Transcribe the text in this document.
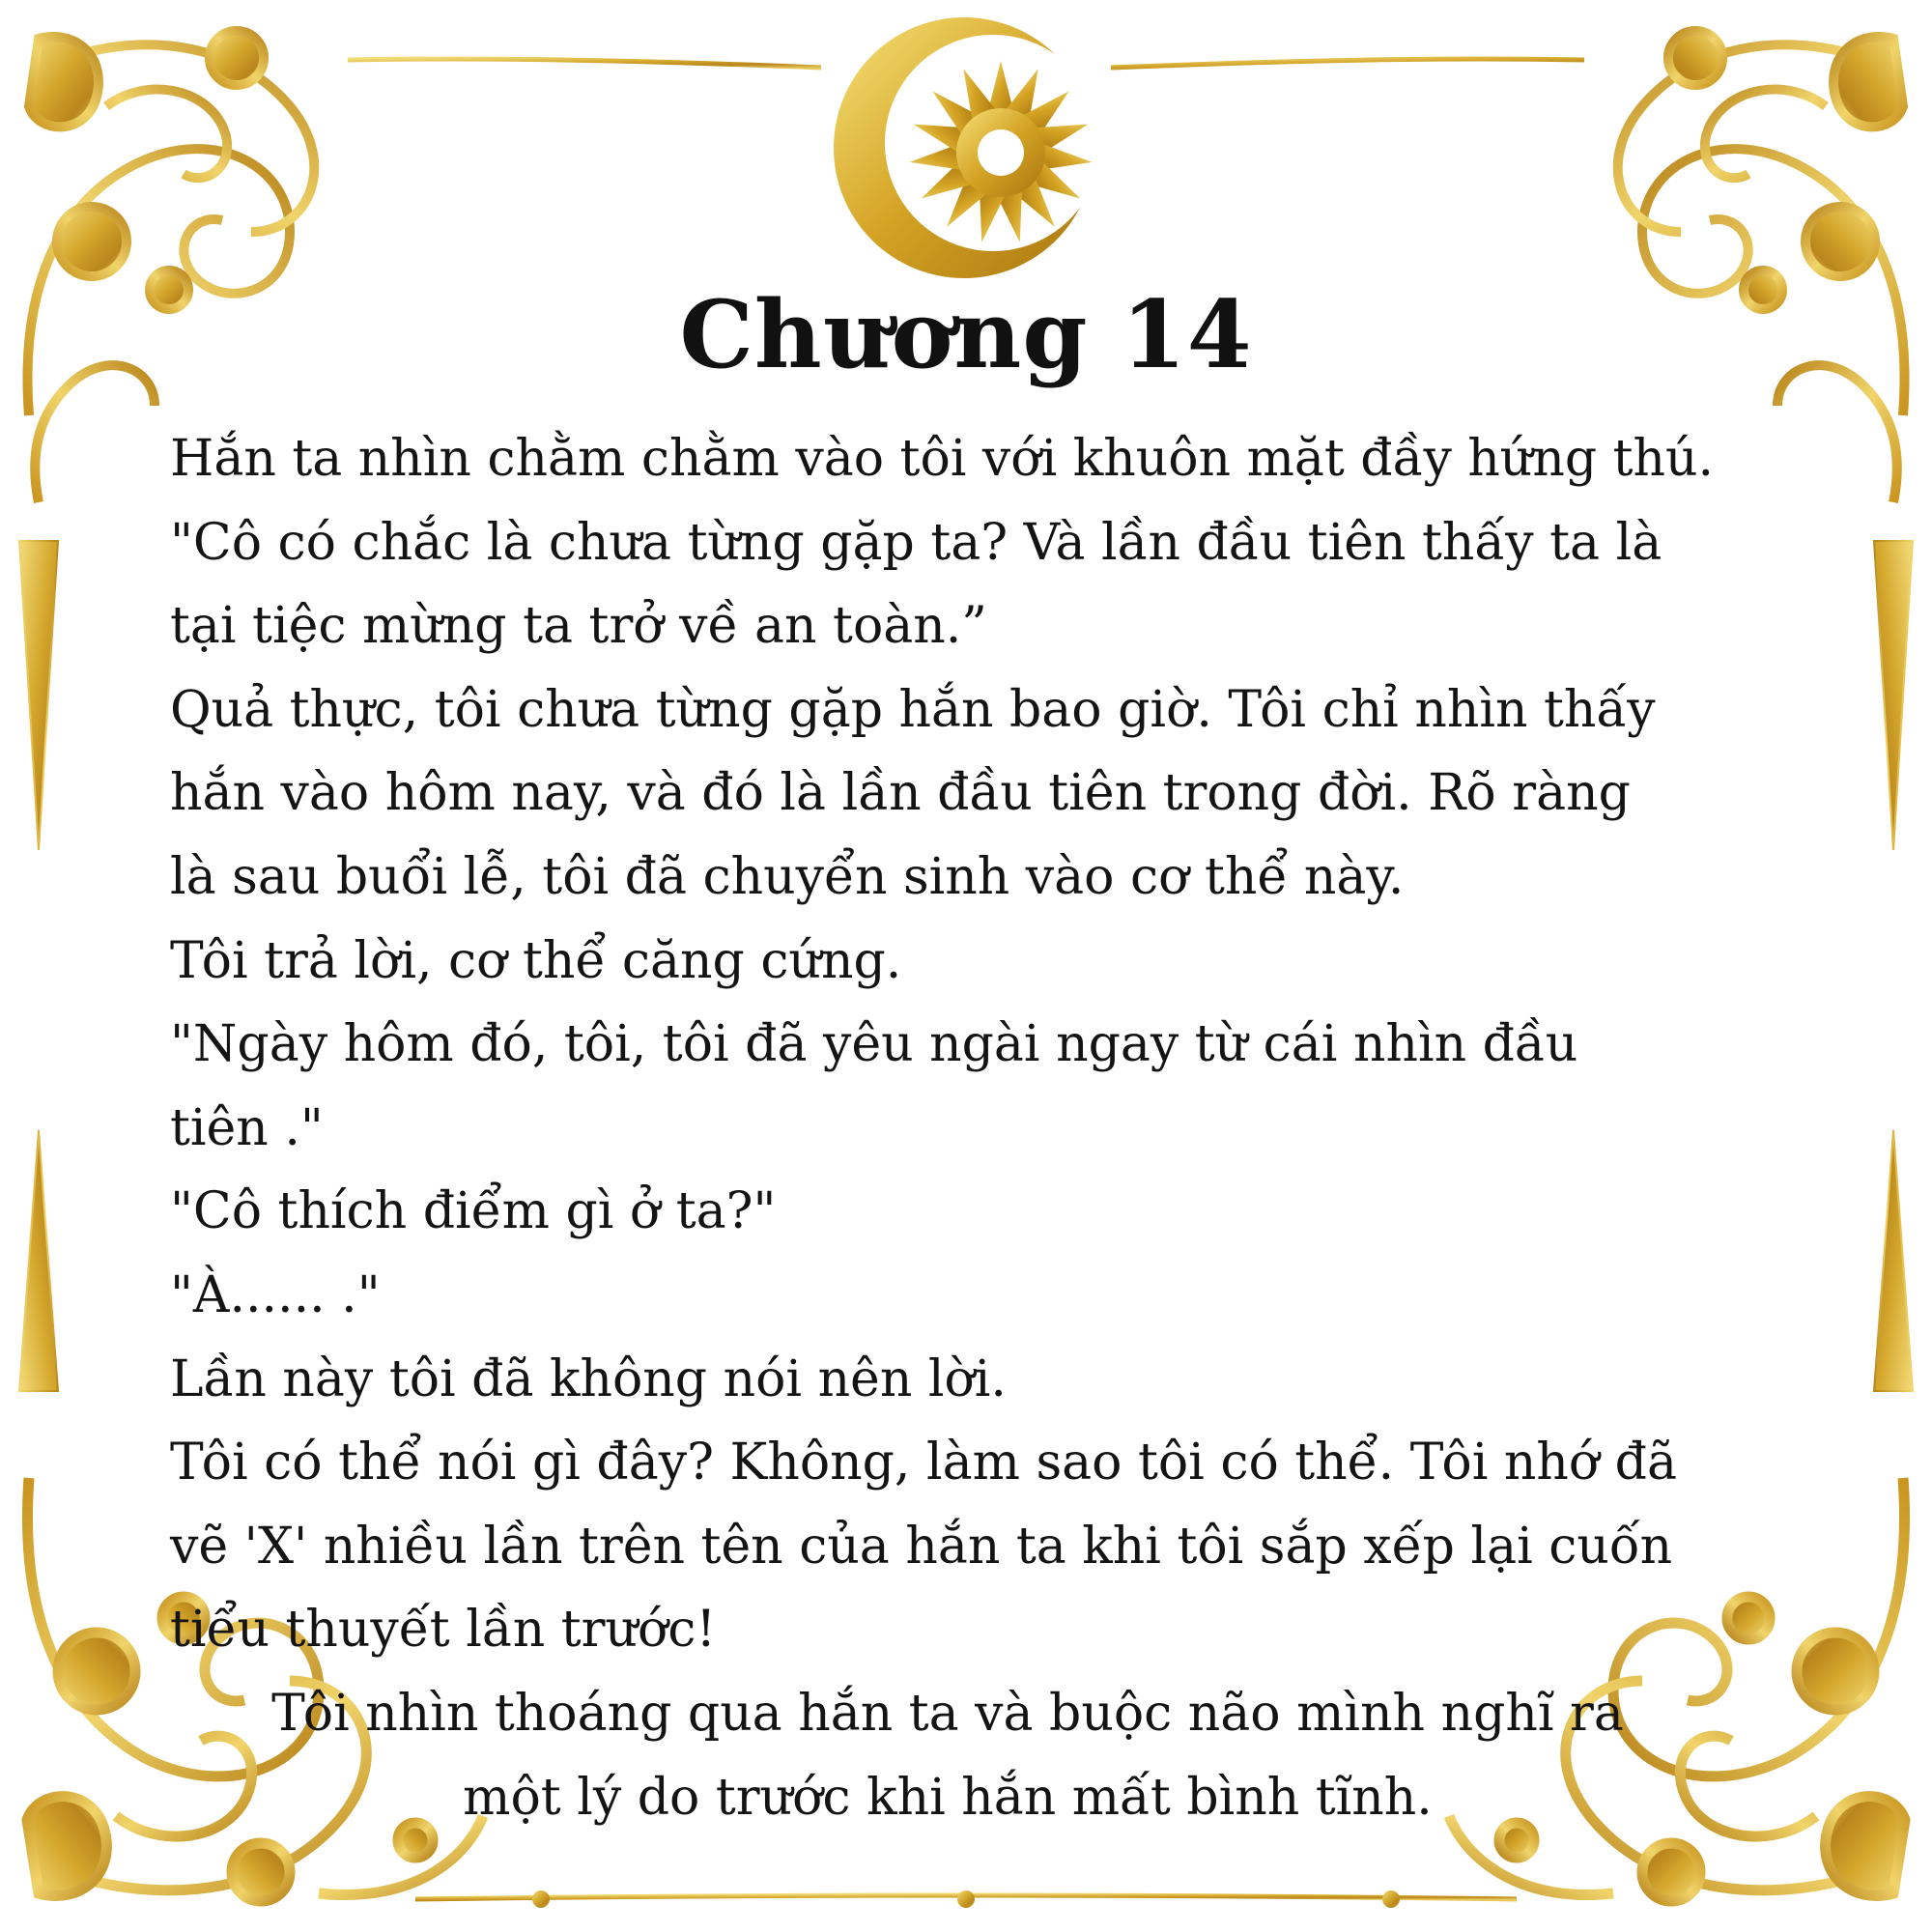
Chương 14
Hắn ta nhìn chằm chằm vào tôi với khuôn mặt đầy hứng thú.
"Cô có chắc là chưa từng gặp ta? Và lần đầu tiên thấy ta là
tại tiệc mừng ta trở về an toàn.”
Quả thực, tôi chưa từng gặp hắn bao giờ. Tôi chỉ nhìn thấy
hắn vào hôm nay, và đó là lần đầu tiên trong đời. Rõ ràng
là sau buổi lễ, tôi đã chuyển sinh vào cơ thể này.
Tôi trả lời, cơ thể căng cứng.
"Ngày hôm đó, tôi, tôi đã yêu ngài ngay từ cái nhìn đầu
tiên ."
"Cô thích điểm gì ở ta?"
"À...... ."
Lần này tôi đã không nói nên lời.
Tôi có thể nói gì đây? Không, làm sao tôi có thể. Tôi nhớ đã
vẽ 'X' nhiều lần trên tên của hắn ta khi tôi sắp xếp lại cuốn
tiểu thuyết lần trước!
Tôi nhìn thoáng qua hắn ta và buộc não mình nghĩ ra
một lý do trước khi hắn mất bình tĩnh.
